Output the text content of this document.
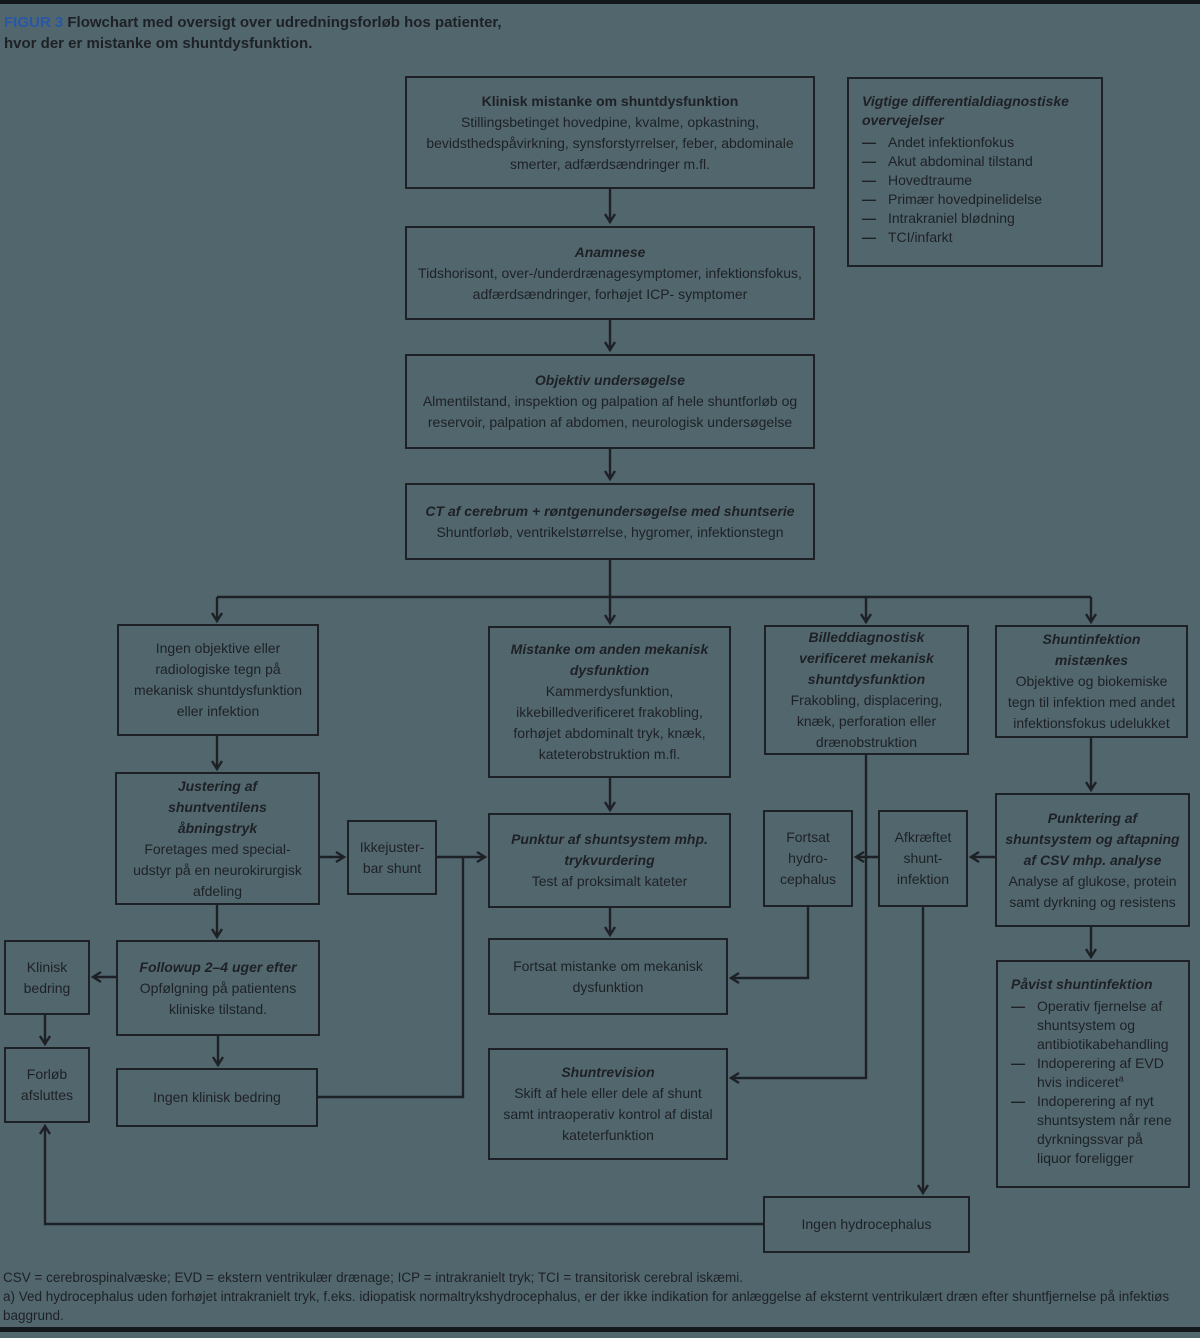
FIGUR 3 Flowchart med oversigt over udredningsforløb hos patienter, hvor der er mistanke om shuntdysfunktion.
Klinisk mistanke om shuntdysfunktion
Stillingsbetinget hovedpine, kvalme, opkastning, bevidsthedspåvirkning, synsforstyrrelser, feber, abdominale smerter, adfærdsændringer m.fl.
Vigtige differentialdiagnostiske overvejelser
— Andet infektionfokus
— Akut abdominal tilstand
— Hovedtraume
— Primær hovedpinelidelse
— Intrakraniel blødning
— TCI/infarkt
Anamnese
Tidshorisont, over-/underdrænagesymptomer, infektionsfokus, adfærdsændringer, forhøjet ICP- symptomer
Objektiv undersøgelse
Almentilstand, inspektion og palpation af hele shuntforløb og reservoir, palpation af abdomen, neurologisk undersøgelse
CT af cerebrum + røntgenundersøgelse med shuntserie
Shuntforløb, ventrikelstørrelse, hygromer, infektionstegn
Ingen objektive eller radiologiske tegn på mekanisk shuntdysfunktion eller infektion
Mistanke om anden mekanisk dysfunktion
Kammerdysfunktion, ikkebilledverificeret frakobling, forhøjet abdominalt tryk, knæk, kateterobstruktion m.fl.
Billeddiagnostisk verificeret mekanisk shuntdysfunktion
Frakobling, displacering, knæk, perforation eller drænobstruktion
Shuntinfektion mistænkes
Objektive og biokemiske tegn til infektion med andet infektionsfokus udelukket
Justering af shuntventilens åbningstryk
Foretages med special-udstyr på en neurokirurgisk afdeling
Ikkejuster-bar shunt
Punktur af shuntsystem mhp. trykvurdering
Test af proksimalt kateter
Fortsat hydro-cephalus
Afkræftet shunt-infektion
Punktering af shuntsystem og aftapning af CSV mhp. analyse
Analyse af glukose, protein samt dyrkning og resistens
Klinisk bedring
Followup 2–4 uger efter
Opfølgning på patientens kliniske tilstand.
Fortsat mistanke om mekanisk dysfunktion
Forløb afsluttes	Ingen klinisk bedring
Shuntrevision
Skift af hele eller dele af shunt samt intraoperativ kontrol af distal kateterfunktion
Påvist shuntinfektion
— Operativ fjernelse af shuntsystem og antibiotikabehandling
— Indoperering af EVD hvis indiceret$^a$
— Indoperering af nyt shuntsystem når rene dyrkningssvar på liquor foreligger
Ingen hydrocephalus
CSV = cerebrospinalvæske; EVD = ekstern ventrikulær drænage; ICP = intrakranielt tryk; TCI = transitorisk cerebral iskæmi.
a) Ved hydrocephalus uden forhøjet intrakranielt tryk, f.eks. idiopatisk normaltrykshydrocephalus, er der ikke indikation for anlæggelse af eksternt ventrikulært dræn efter shuntfjernelse på infektiøs baggrund.
